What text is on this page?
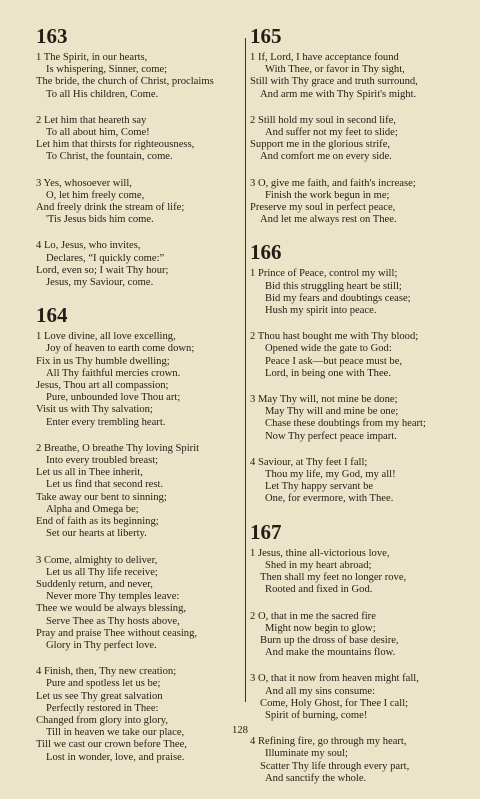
163
1 The Spirit, in our hearts,
Is whispering, Sinner, come;
The bride, the church of Christ, proclaims
To all His children, Come.
2 Let him that heareth say
To all about him, Come!
Let him that thirsts for righteousness,
To Christ, the fountain, come.
3 Yes, whosoever will,
O, let him freely come,
And freely drink the stream of life;
'Tis Jesus bids him come.
4 Lo, Jesus, who invites,
Declares, “I quickly come:”
Lord, even so; I wait Thy hour;
Jesus, my Saviour, come.
164
1 Love divine, all love excelling,
Joy of heaven to earth come down;
Fix in us Thy humble dwelling;
All Thy faithful mercies crown.
Jesus, Thou art all compassion;
Pure, unbounded love Thou art;
Visit us with Thy salvation;
Enter every trembling heart.
2 Breathe, O breathe Thy loving Spirit
Into every troubled breast;
Let us all in Thee inherit,
Let us find that second rest.
Take away our bent to sinning;
Alpha and Omega be;
End of faith as its beginning;
Set our hearts at liberty.
3 Come, almighty to deliver,
Let us all Thy life receive;
Suddenly return, and never,
Never more Thy temples leave:
Thee we would be always blessing,
Serve Thee as Thy hosts above,
Pray and praise Thee without ceasing,
Glory in Thy perfect love.
4 Finish, then, Thy new creation;
Pure and spotless let us be;
Let us see Thy great salvation
Perfectly restored in Thee:
Changed from glory into glory,
Till in heaven we take our place,
Till we cast our crown before Thee,
Lost in wonder, love, and praise.
165
1 If, Lord, I have acceptance found
With Thee, or favor in Thy sight,
Still with Thy grace and truth surround,
And arm me with Thy Spirit's might.
2 Still hold my soul in second life,
And suffer not my feet to slide;
Support me in the glorious strife,
And comfort me on every side.
3 O, give me faith, and faith's increase;
Finish the work begun in me;
Preserve my soul in perfect peace,
And let me always rest on Thee.
166
1 Prince of Peace, control my will;
Bid this struggling heart be still;
Bid my fears and doubtings cease;
Hush my spirit into peace.
2 Thou hast bought me with Thy blood;
Opened wide the gate to God:
Peace I ask—but peace must be,
Lord, in being one with Thee.
3 May Thy will, not mine be done;
May Thy will and mine be one;
Chase these doubtings from my heart;
Now Thy perfect peace impart.
4 Saviour, at Thy feet I fall;
Thou my life, my God, my all!
Let Thy happy servant be
One, for evermore, with Thee.
167
1 Jesus, thine all-victorious love,
Shed in my heart abroad;
Then shall my feet no longer rove,
Rooted and fixed in God.
2 O, that in me the sacred fire
Might now begin to glow;
Burn up the dross of base desire,
And make the mountains flow.
3 O, that it now from heaven might fall,
And all my sins consume:
Come, Holy Ghost, for Thee I call;
Spirit of burning, come!
4 Refining fire, go through my heart,
Illuminate my soul;
Scatter Thy life through every part,
And sanctify the whole.
128
